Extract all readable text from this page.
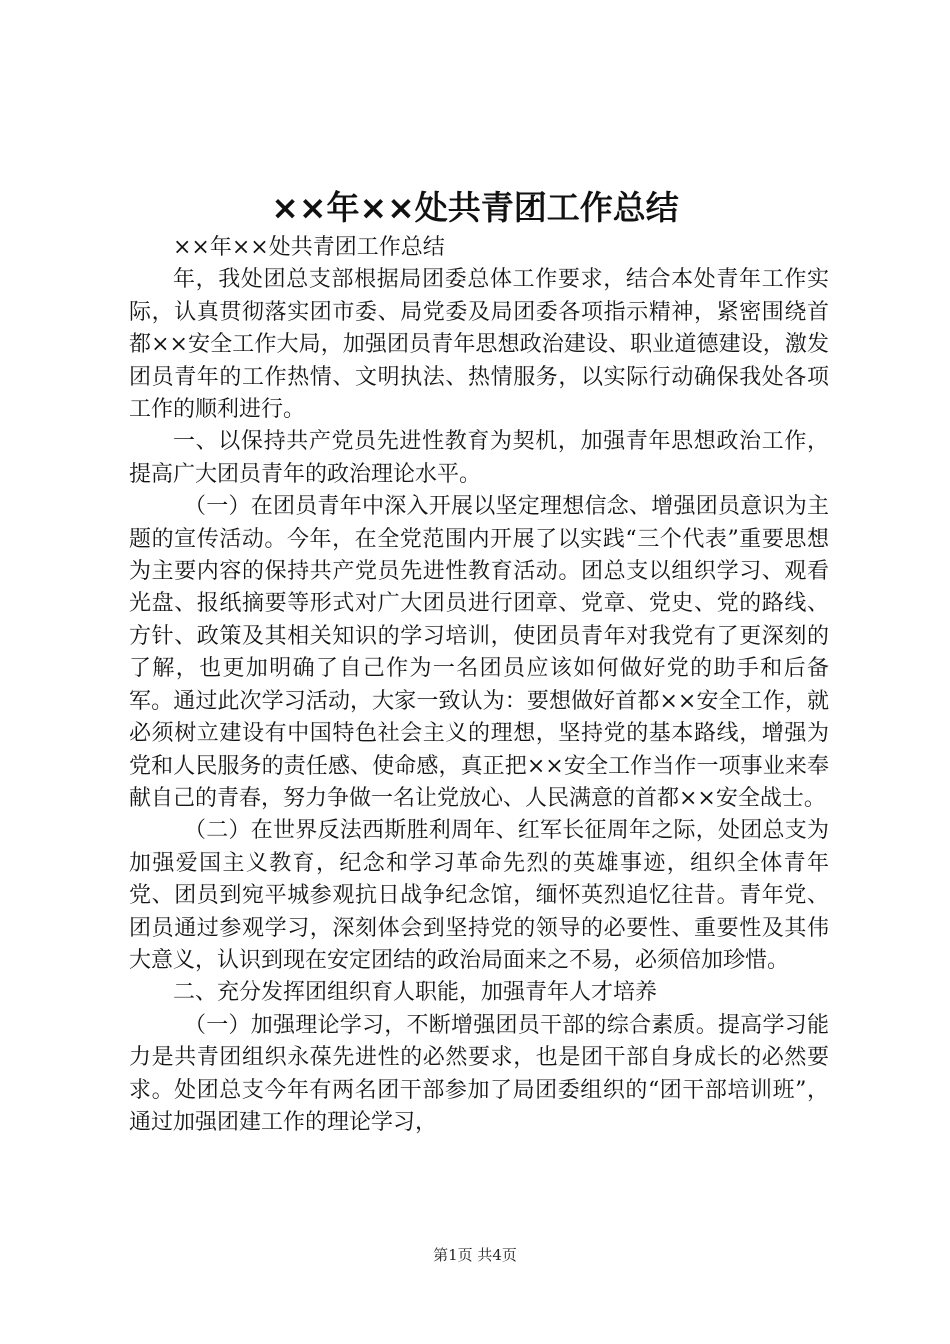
××年××处共青团工作总结

××年××处共青团工作总结

年，我处团总支部根据局团委总体工作要求，结合本处青年工作实际，认真贯彻落实团市委、局党委及局团委各项指示精神，紧密围绕首都××安全工作大局，加强团员青年思想政治建设、职业道德建设，激发团员青年的工作热情、文明执法、热情服务，以实际行动确保我处各项工作的顺利进行。

一、以保持共产党员先进性教育为契机，加强青年思想政治工作，提高广大团员青年的政治理论水平。

（一）在团员青年中深入开展以坚定理想信念、增强团员意识为主题的宣传活动。今年，在全党范围内开展了以实践“三个代表”重要思想为主要内容的保持共产党员先进性教育活动。团总支以组织学习、观看光盘、报纸摘要等形式对广大团员进行团章、党章、党史、党的路线、方针、政策及其相关知识的学习培训，使团员青年对我党有了更深刻的了解，也更加明确了自己作为一名团员应该如何做好党的助手和后备军。通过此次学习活动，大家一致认为：要想做好首都××安全工作，就必须树立建设有中国特色社会主义的理想，坚持党的基本路线，增强为党和人民服务的责任感、使命感，真正把××安全工作当作一项事业来奉献自己的青春，努力争做一名让党放心、人民满意的首都××安全战士。

（二）在世界反法西斯胜利周年、红军长征周年之际，处团总支为加强爱国主义教育，纪念和学习革命先烈的英雄事迹，组织全体青年党、团员到宛平城参观抗日战争纪念馆，缅怀英烈追忆往昔。青年党、团员通过参观学习，深刻体会到坚持党的领导的必要性、重要性及其伟大意义，认识到现在安定团结的政治局面来之不易，必须倍加珍惜。

二、充分发挥团组织育人职能，加强青年人才培养

（一）加强理论学习，不断增强团员干部的综合素质。提高学习能力是共青团组织永葆先进性的必然要求，也是团干部自身成长的必然要求。处团总支今年有两名团干部参加了局团委组织的“团干部培训班”，通过加强团建工作的理论学习，

第1页 共4页
